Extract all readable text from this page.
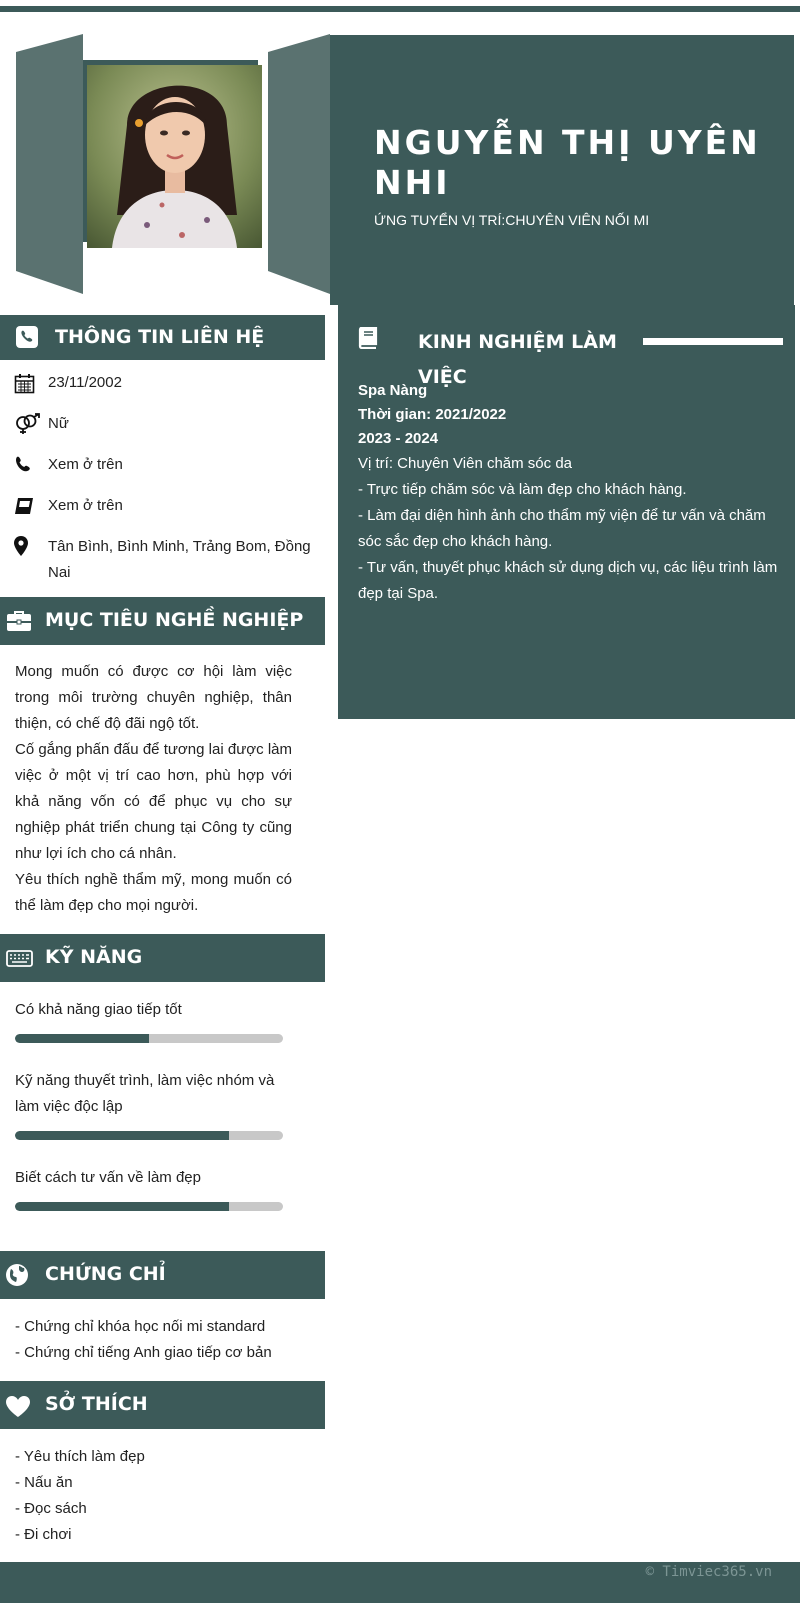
NGUYỄN THỊ UYÊN NHI
ỨNG TUYỂN VỊ TRÍ:CHUYÊN VIÊN NỐI MI
THÔNG TIN LIÊN HỆ
23/11/2002
Nữ
Xem ở trên
Xem ở trên
Tân Bình, Bình Minh, Trảng Bom, Đồng Nai
MỤC TIÊU NGHỀ NGHIỆP
Mong muốn có được cơ hội làm việc trong môi trường chuyên nghiệp, thân thiện, có chế độ đãi ngộ tốt.
Cố gắng phấn đấu để tương lai được làm việc ở một vị trí cao hơn, phù hợp với khả năng vốn có để phục vụ cho sự nghiệp phát triển chung tại Công ty cũng như lợi ích cho cá nhân.
Yêu thích nghề thẩm mỹ, mong muốn có thể làm đẹp cho mọi người.
KỸ NĂNG
Có khả năng giao tiếp tốt
Kỹ năng thuyết trình, làm việc nhóm và làm việc độc lập
Biết cách tư vấn về làm đẹp
CHỨNG CHỈ
- Chứng chỉ khóa học nối mi standard
- Chứng chỉ tiếng Anh giao tiếp cơ bản
SỞ THÍCH
- Yêu thích làm đẹp
- Nấu ăn
- Đọc sách
- Đi chơi
KINH NGHIỆM LÀM VIỆC
Spa Nàng
Thời gian: 2021/2022
2023 - 2024
Vị trí: Chuyên Viên chăm sóc da
- Trực tiếp chăm sóc và làm đẹp cho khách hàng.
- Làm đại diện hình ảnh cho thẩm mỹ viện để tư vấn và chăm sóc sắc đẹp cho khách hàng.
- Tư vấn, thuyết phục khách sử dụng dịch vụ, các liệu trình làm đẹp tại Spa.
© Timviec365.vn
